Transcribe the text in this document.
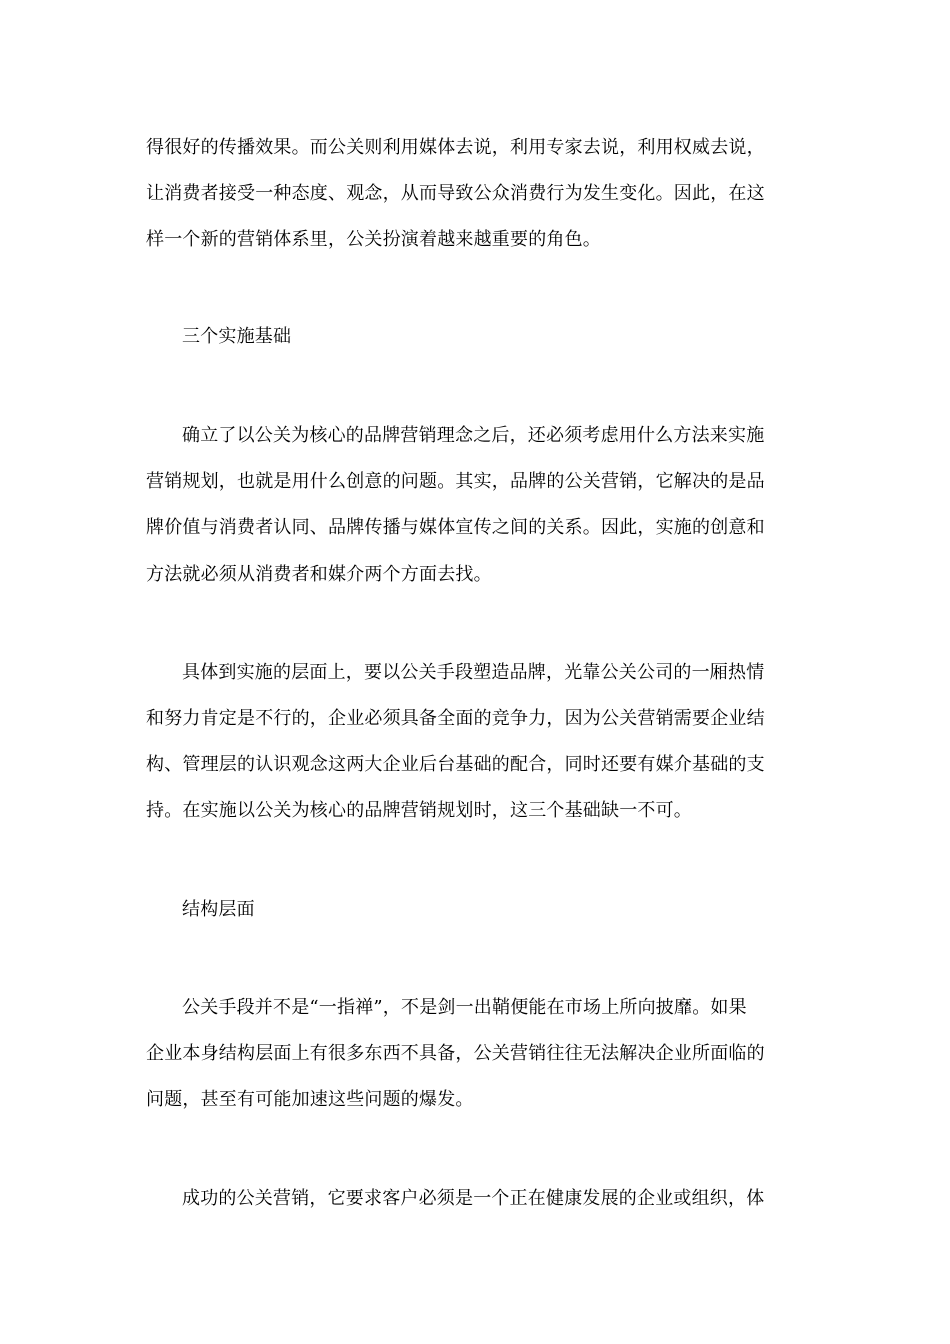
得很好的传播效果。而公关则利用媒体去说，利用专家去说，利用权威去说，
让消费者接受一种态度、观念，从而导致公众消费行为发生变化。因此，在这
样一个新的营销体系里，公关扮演着越来越重要的角色。
三个实施基础
确立了以公关为核心的品牌营销理念之后，还必须考虑用什么方法来实施
营销规划，也就是用什么创意的问题。其实，品牌的公关营销，它解决的是品
牌价值与消费者认同、品牌传播与媒体宣传之间的关系。因此，实施的创意和
方法就必须从消费者和媒介两个方面去找。
具体到实施的层面上，要以公关手段塑造品牌，光靠公关公司的一厢热情
和努力肯定是不行的，企业必须具备全面的竞争力，因为公关营销需要企业结
构、管理层的认识观念这两大企业后台基础的配合，同时还要有媒介基础的支
持。在实施以公关为核心的品牌营销规划时，这三个基础缺一不可。
结构层面
公关手段并不是“一指禅”，不是剑一出鞘便能在市场上所向披靡。如果
企业本身结构层面上有很多东西不具备，公关营销往往无法解决企业所面临的
问题，甚至有可能加速这些问题的爆发。
成功的公关营销，它要求客户必须是一个正在健康发展的企业或组织，体
